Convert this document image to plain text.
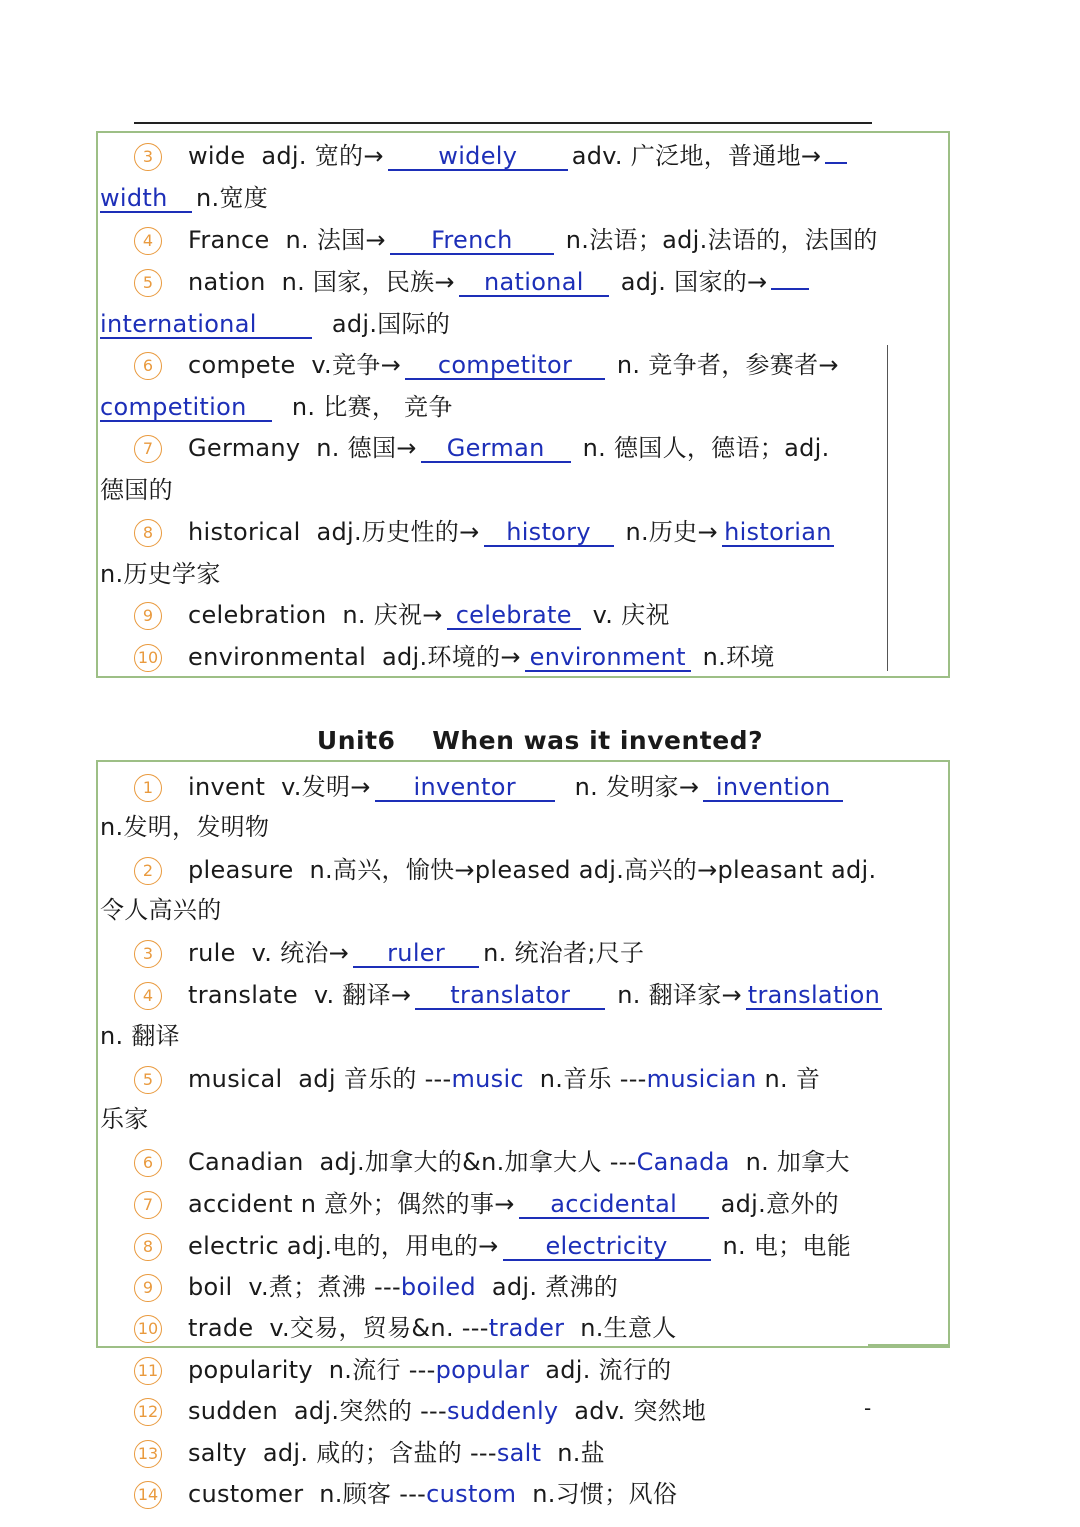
3 wide adj. 宽的→ widely adv. 广泛地，普通地→
width n.宽度
4 France n. 法国→ French n.法语；adj.法语的，法国的
5 nation n. 国家，民族→ national adj. 国家的→
international	adj.国际的
6 compete v.竞争→ competitor n. 竞争者，参赛者→
competition n. 比赛， 竞争
7 Germany n. 德国→ German n. 德国人，德语；adj.
德国的
8 historical adj.历史性的→ history n.历史→ historian
n.历史学家
9 celebration n. 庆祝→ celebrate v. 庆祝
10 environmental adj.环境的→ environment n.环境
Unit6    When was it invented?
1 invent v.发明→ inventor n. 发明家→ invention
n.发明，发明物
2 pleasure n.高兴，愉快→pleased adj.高兴的→pleasant adj.
令人高兴的
3 rule v. 统治→ ruler n. 统治者;尺子
4 translate v. 翻译→ translator n. 翻译家→ translation
n. 翻译
5 musical adj 音乐的 ---music n.音乐 ---musician n. 音
乐家
6 Canadian adj.加拿大的&n.加拿大人 ---Canada n. 加拿大
7 accident n 意外；偶然的事→ accidental adj.意外的
8 electric adj.电的，用电的→ electricity n. 电；电能
9 boil v.煮；煮沸 ---boiled adj. 煮沸的
10 trade v.交易，贸易&n. ---trader n.生意人
11 popularity n.流行 ---popular adj. 流行的
12 sudden adj.突然的 ---suddenly adv. 突然地	-
13 salty adj. 咸的；含盐的 ---salt n.盐
14 customer n.顾客 ---custom n.习惯；风俗
